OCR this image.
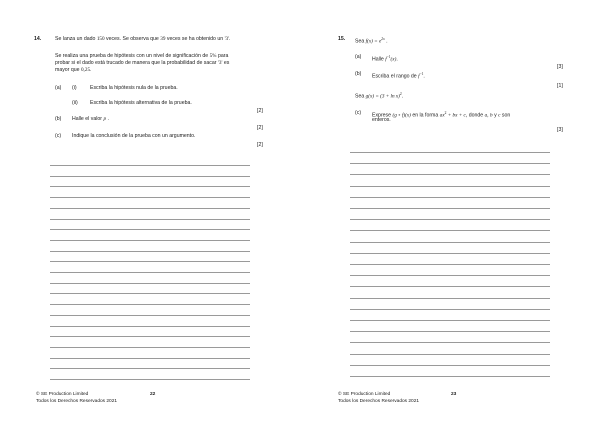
14.	Se lanza un dado 150 veces. Se observa que 39 veces se ha obtenido un '3'.
Se realiza una prueba de hipótesis con un nivel de significación de 5% para
probar si el dado está trucado de manera que la probabilidad de sacar '3' es
mayor que 0,25.
(a) (i)	Escriba la hipótesis nula de la prueba.
(ii) Escriba la hipótesis alternativa de la prueba.
[2]
(b) Halle el valor p .
[2]
(c) Indique la conclusión de la prueba con un argumento.
[2]
© SE Production Limited
Todos los Derechos Reservados 2021
22
15. Sea $f(x) = e^{2x}$ .
(a) Halle $f^{-1}(x)$.
[3]
(b) Escriba el rango de $f^{-1}$.
[1]
Sea $g(x) = (3 + \ln x)^2$.
(c) Exprese (g ∘ f)(x) en la forma $ax^2$ + bx + c, donde a, b y c son
enteros.
[3]
© SE Production Limited
Todos los Derechos Reservados 2021
23
